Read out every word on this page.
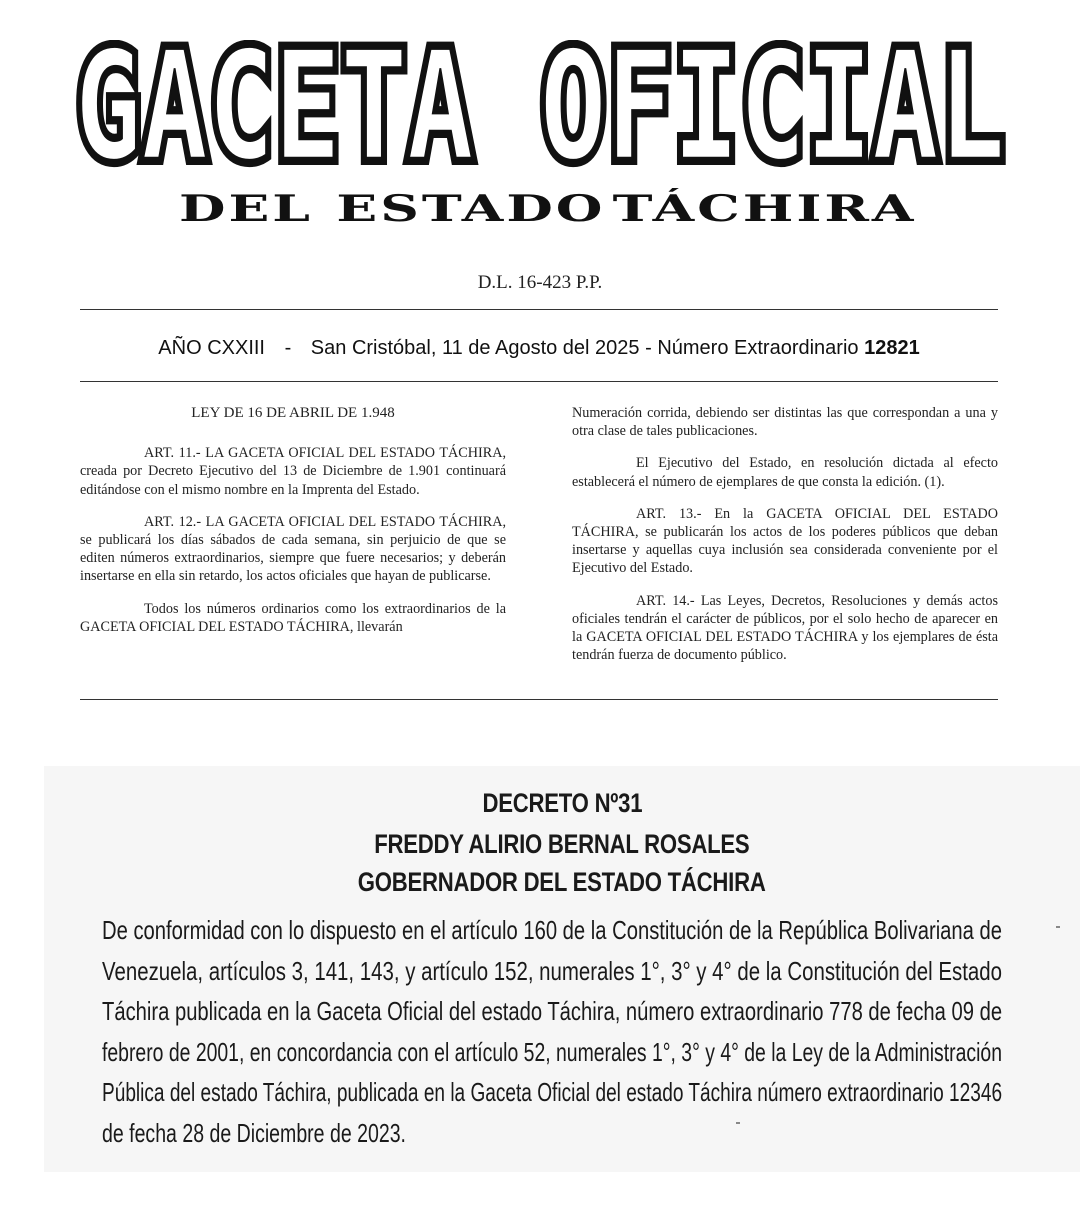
GACETA OFICIAL
GACETA OFICIAL
DEL ESTADO TÁCHIRA
D.L. 16-423 P.P.
AÑO CXXIII - San Cristóbal, 11 de Agosto del 2025 - Número Extraordinario 12821

LEY DE 16 DE ABRIL DE 1.948

ART. 11.- LA GACETA OFICIAL DEL ESTADO TÁCHIRA, creada por Decreto Ejecutivo del 13 de Diciembre de 1.901 continuará editándose con el mismo nombre en la Imprenta del Estado.

ART. 12.- LA GACETA OFICIAL DEL ESTADO TÁCHIRA, se publicará los días sábados de cada semana, sin perjuicio de que se editen números extraordinarios, siempre que fuere necesarios; y deberán insertarse en ella sin retardo, los actos oficiales que hayan de publicarse.

Todos los números ordinarios como los extraordinarios de la GACETA OFICIAL DEL ESTADO TÁCHIRA, llevarán

Numeración corrida, debiendo ser distintas las que correspondan a una y otra clase de tales publicaciones.

El Ejecutivo del Estado, en resolución dictada al efecto establecerá el número de ejemplares de que consta la edición. (1).

ART. 13.- En la GACETA OFICIAL DEL ESTADO TÁCHIRA, se publicarán los actos de los poderes públicos que deban insertarse y aquellas cuya inclusión sea considerada conveniente por el Ejecutivo del Estado.

ART. 14.- Las Leyes, Decretos, Resoluciones y demás actos oficiales tendrán el carácter de públicos, por el solo hecho de aparecer en la GACETA OFICIAL DEL ESTADO TÁCHIRA y los ejemplares de ésta tendrán fuerza de documento público.

DECRETO Nº31
FREDDY ALIRIO BERNAL ROSALES
GOBERNADOR DEL ESTADO TÁCHIRA
De conformidad con lo dispuesto en el artículo 160 de la Constitución de la República Bolivariana de
Venezuela, artículos 3, 141, 143, y artículo 152, numerales 1°, 3° y 4° de la Constitución del Estado
Táchira publicada en la Gaceta Oficial del estado Táchira, número extraordinario 778 de fecha 09 de
febrero de 2001, en concordancia con el artículo 52, numerales 1°, 3° y 4° de la Ley de la Administración
Pública del estado Táchira, publicada en la Gaceta Oficial del estado Táchira número extraordinario 12346
de fecha 28 de Diciembre de 2023.
